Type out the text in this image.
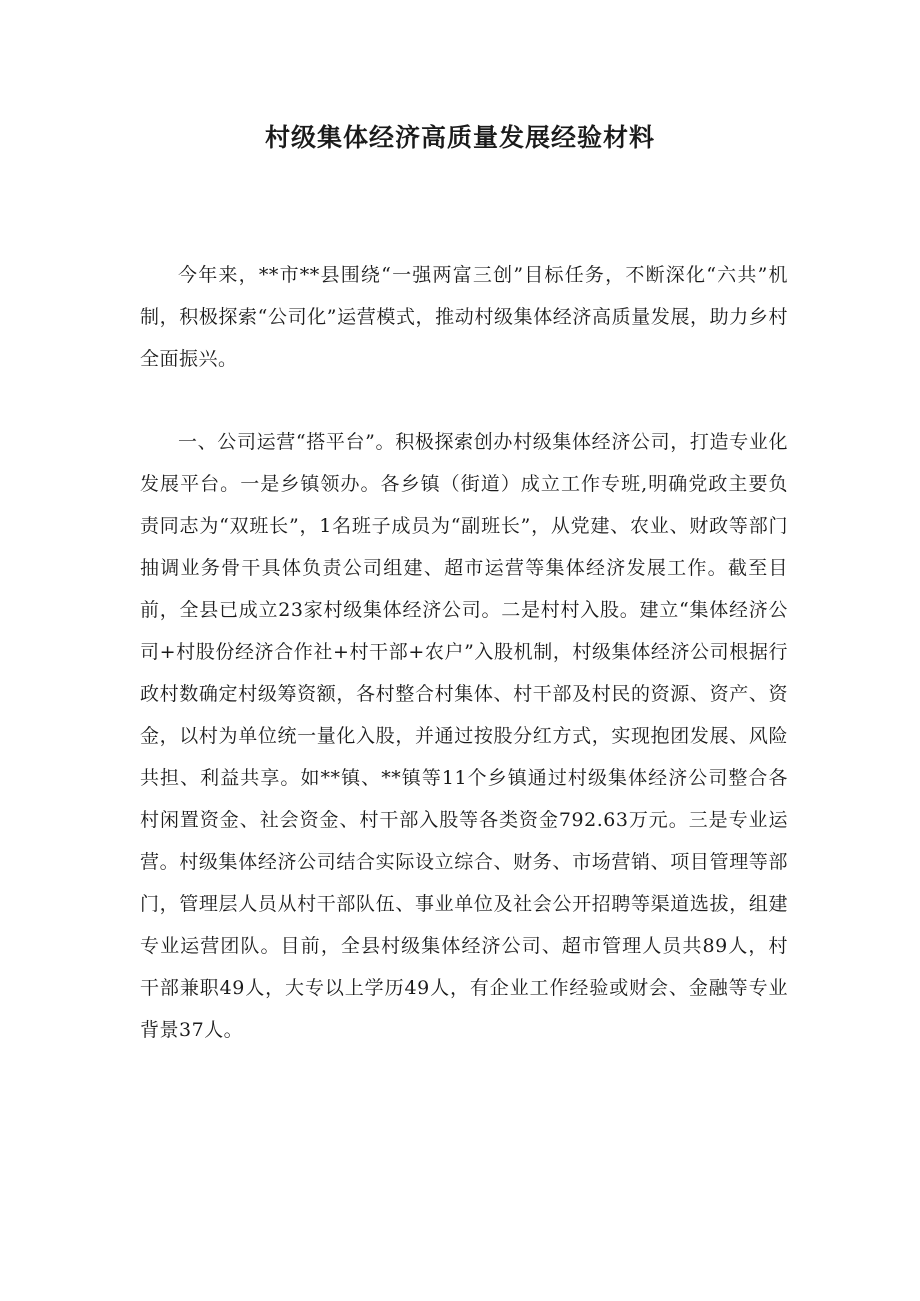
村级集体经济高质量发展经验材料

今年来，**市**县围绕“一强两富三创”目标任务，不断深化“六共”机制，积极探索“公司化”运营模式，推动村级集体经济高质量发展，助力乡村全面振兴。

一、公司运营“搭平台”。积极探索创办村级集体经济公司，打造专业化发展平台。一是乡镇领办。各乡镇（街道）成立工作专班,明确党政主要负责同志为“双班长”，1名班子成员为“副班长”，从党建、农业、财政等部门抽调业务骨干具体负责公司组建、超市运营等集体经济发展工作。截至目前，全县已成立23家村级集体经济公司。二是村村入股。建立“集体经济公司+村股份经济合作社+村干部+农户”入股机制，村级集体经济公司根据行政村数确定村级筹资额，各村整合村集体、村干部及村民的资源、资产、资金，以村为单位统一量化入股，并通过按股分红方式，实现抱团发展、风险共担、利益共享。如**镇、**镇等11个乡镇通过村级集体经济公司整合各村闲置资金、社会资金、村干部入股等各类资金792.63万元。三是专业运营。村级集体经济公司结合实际设立综合、财务、市场营销、项目管理等部门，管理层人员从村干部队伍、事业单位及社会公开招聘等渠道选拔，组建专业运营团队。目前，全县村级集体经济公司、超市管理人员共89人，村干部兼职49人，大专以上学历49人，有企业工作经验或财会、金融等专业背景37人。
